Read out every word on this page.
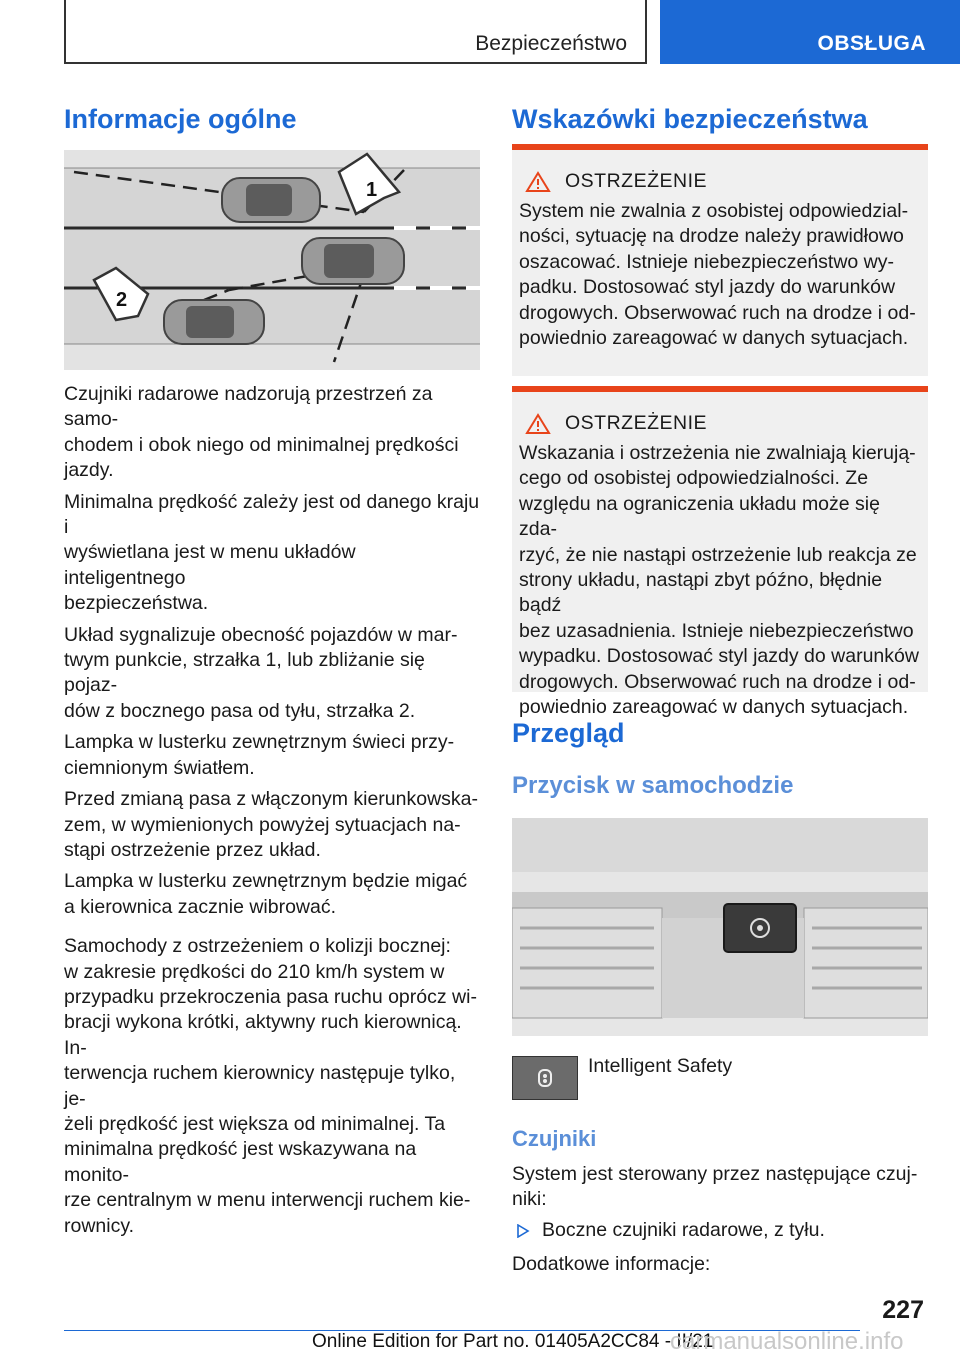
Bezpieczeństwo	OBSŁUGA
Informacje ogólne
1
2

Czujniki radarowe nadzorują przestrzeń za samo-
chodem i obok niego od minimalnej prędkości
jazdy.

Minimalna prędkość zależy jest od danego kraju i
wyświetlana jest w menu układów inteligentnego
bezpieczeństwa.

Układ sygnalizuje obecność pojazdów w mar-
twym punkcie, strzałka 1, lub zbliżanie się pojaz-
dów z bocznego pasa od tyłu, strzałka 2.

Lampka w lusterku zewnętrznym świeci przy-
ciemnionym światłem.

Przed zmianą pasa z włączonym kierunkowska-
zem, w wymienionych powyżej sytuacjach na-
stąpi ostrzeżenie przez układ.

Lampka w lusterku zewnętrznym będzie migać
a kierownica zacznie wibrować.

Samochody z ostrzeżeniem o kolizji bocznej:
w zakresie prędkości do 210 km/h system w
przypadku przekroczenia pasa ruchu oprócz wi-
bracji wykona krótki, aktywny ruch kierownicą. In-
terwencja ruchem kierownicy następuje tylko, je-
żeli prędkość jest większa od minimalnej. Ta
minimalna prędkość jest wskazywana na monito-
rze centralnym w menu interwencji ruchem kie-
rownicy.

Wskazówki bezpieczeństwa
OSTRZEŻENIE

System nie zwalnia z osobistej odpowiedzial-
ności, sytuację na drodze należy prawidłowo
oszacować. Istnieje niebezpieczeństwo wy-
padku. Dostosować styl jazdy do warunków
drogowych. Obserwować ruch na drodze i od-
powiednio zareagować w danych sytuacjach.

OSTRZEŻENIE

Wskazania i ostrzeżenia nie zwalniają kierują-
cego od osobistej odpowiedzialności. Ze
względu na ograniczenia układu może się zda-
rzyć, że nie nastąpi ostrzeżenie lub reakcja ze
strony układu, nastąpi zbyt późno, błędnie bądź
bez uzasadnienia. Istnieje niebezpieczeństwo
wypadku. Dostosować styl jazdy do warunków
drogowych. Obserwować ruch na drodze i od-
powiednio zareagować w danych sytuacjach.

Przegląd
Przycisk w samochodzie

Intelligent Safety

Czujniki

System jest sterowany przez następujące czuj-
niki:

Boczne czujniki radarowe, z tyłu.

Dodatkowe informacje:

227
Online Edition for Part no. 01405A2CC84 - II/21
carmanualsonline.info
